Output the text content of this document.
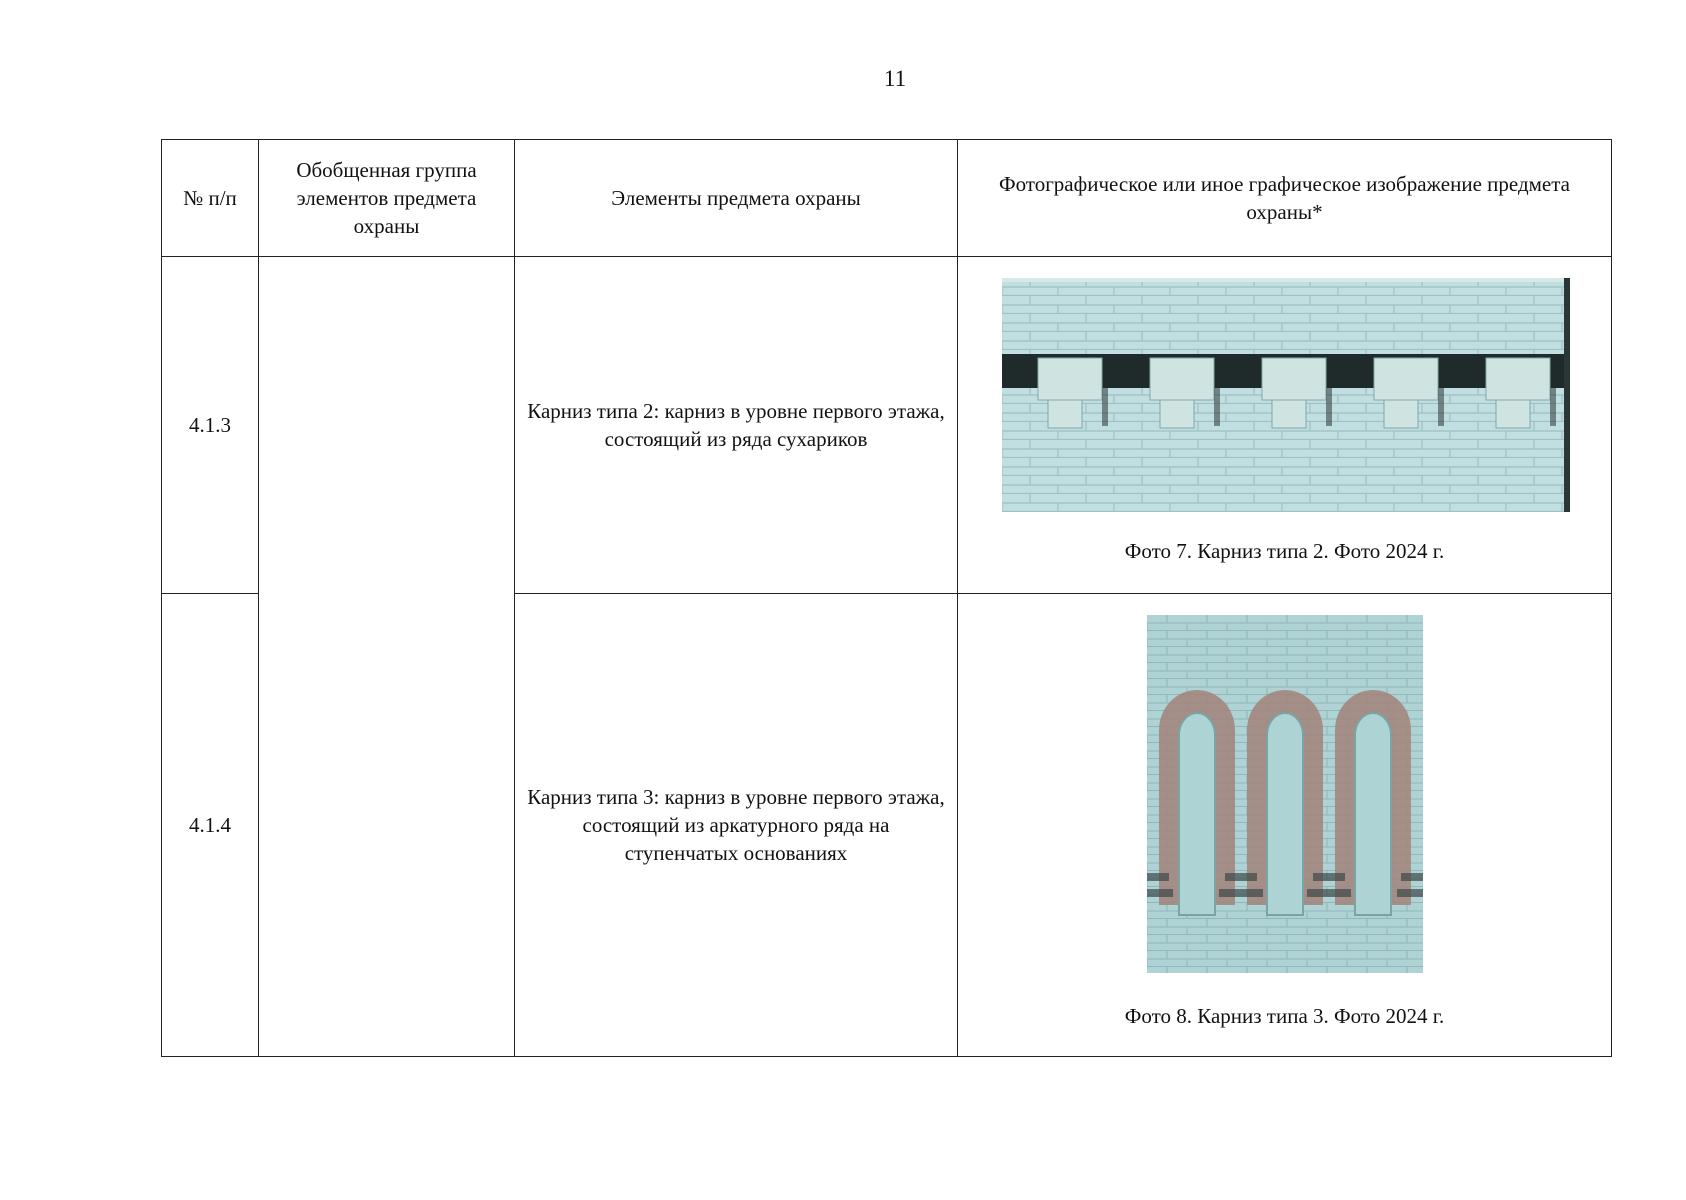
11
№ п/п	Обобщенная группа элементов предмета охраны	Элементы предмета охраны	Фотографическое или иное графическое изображение предмета охраны*
4.1.3		Карниз типа 2: карниз в уровне первого этажа, состоящий из ряда сухариков	Фото 7. Карниз типа 2. Фото 2024 г.

4.1.4		Карниз типа 3: карниз в уровне первого этажа, состоящий из аркатурного ряда на ступенчатых основаниях	Фото 8. Карниз типа 3. Фото 2024 г.
